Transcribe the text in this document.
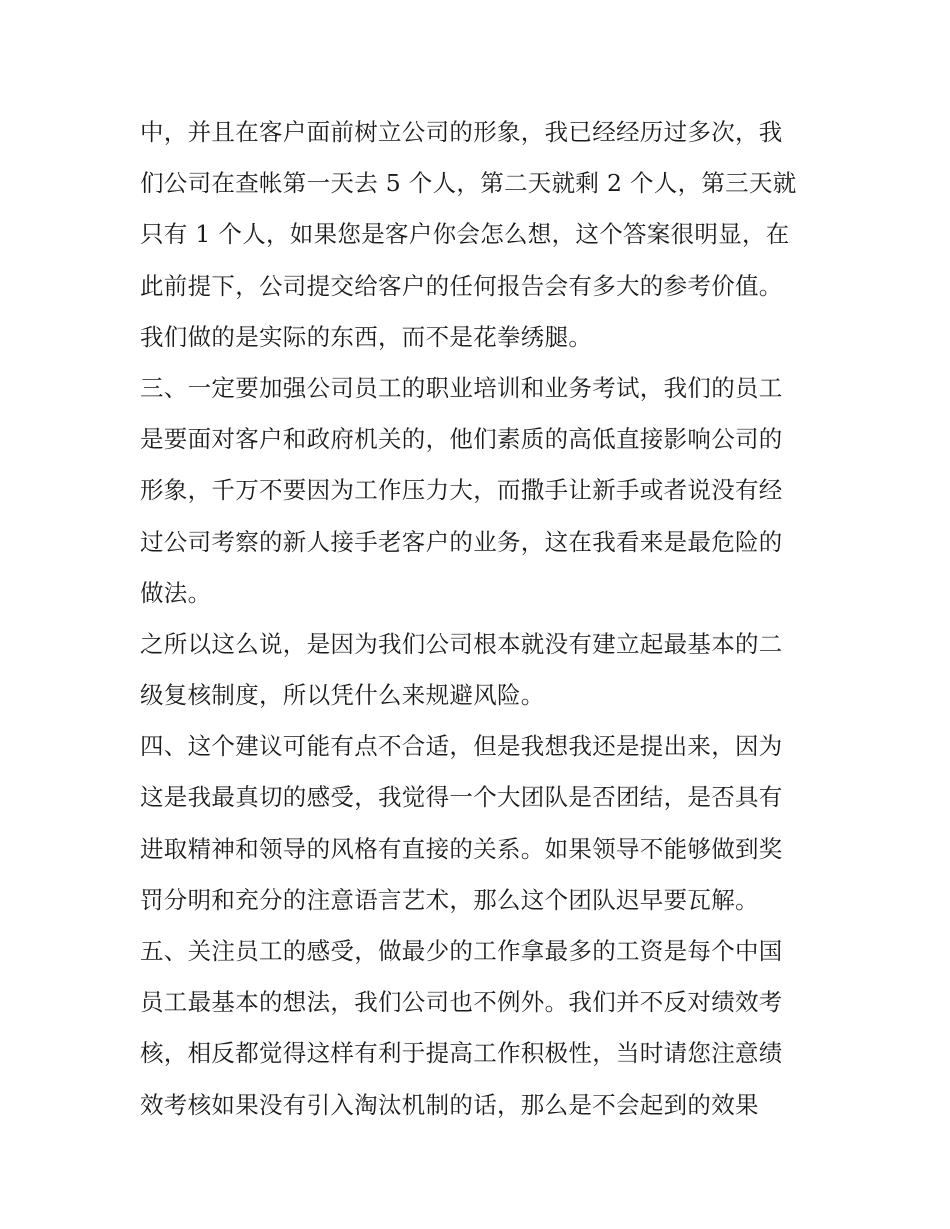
中，并且在客户面前树立公司的形象，我已经经历过多次，我
们公司在查帐第一天去 5 个人，第二天就剩 2 个人，第三天就
只有 1 个人，如果您是客户你会怎么想，这个答案很明显，在
此前提下，公司提交给客户的任何报告会有多大的参考价值。
我们做的是实际的东西，而不是花拳绣腿。
三、一定要加强公司员工的职业培训和业务考试，我们的员工
是要面对客户和政府机关的，他们素质的高低直接影响公司的
形象，千万不要因为工作压力大，而撒手让新手或者说没有经
过公司考察的新人接手老客户的业务，这在我看来是最危险的
做法。
之所以这么说，是因为我们公司根本就没有建立起最基本的二
级复核制度，所以凭什么来规避风险。
四、这个建议可能有点不合适，但是我想我还是提出来，因为
这是我最真切的感受，我觉得一个大团队是否团结，是否具有
进取精神和领导的风格有直接的关系。如果领导不能够做到奖
罚分明和充分的注意语言艺术，那么这个团队迟早要瓦解。
五、关注员工的感受，做最少的工作拿最多的工资是每个中国
员工最基本的想法，我们公司也不例外。我们并不反对绩效考
核，相反都觉得这样有利于提高工作积极性，当时请您注意绩
效考核如果没有引入淘汰机制的话，那么是不会起到的效果
